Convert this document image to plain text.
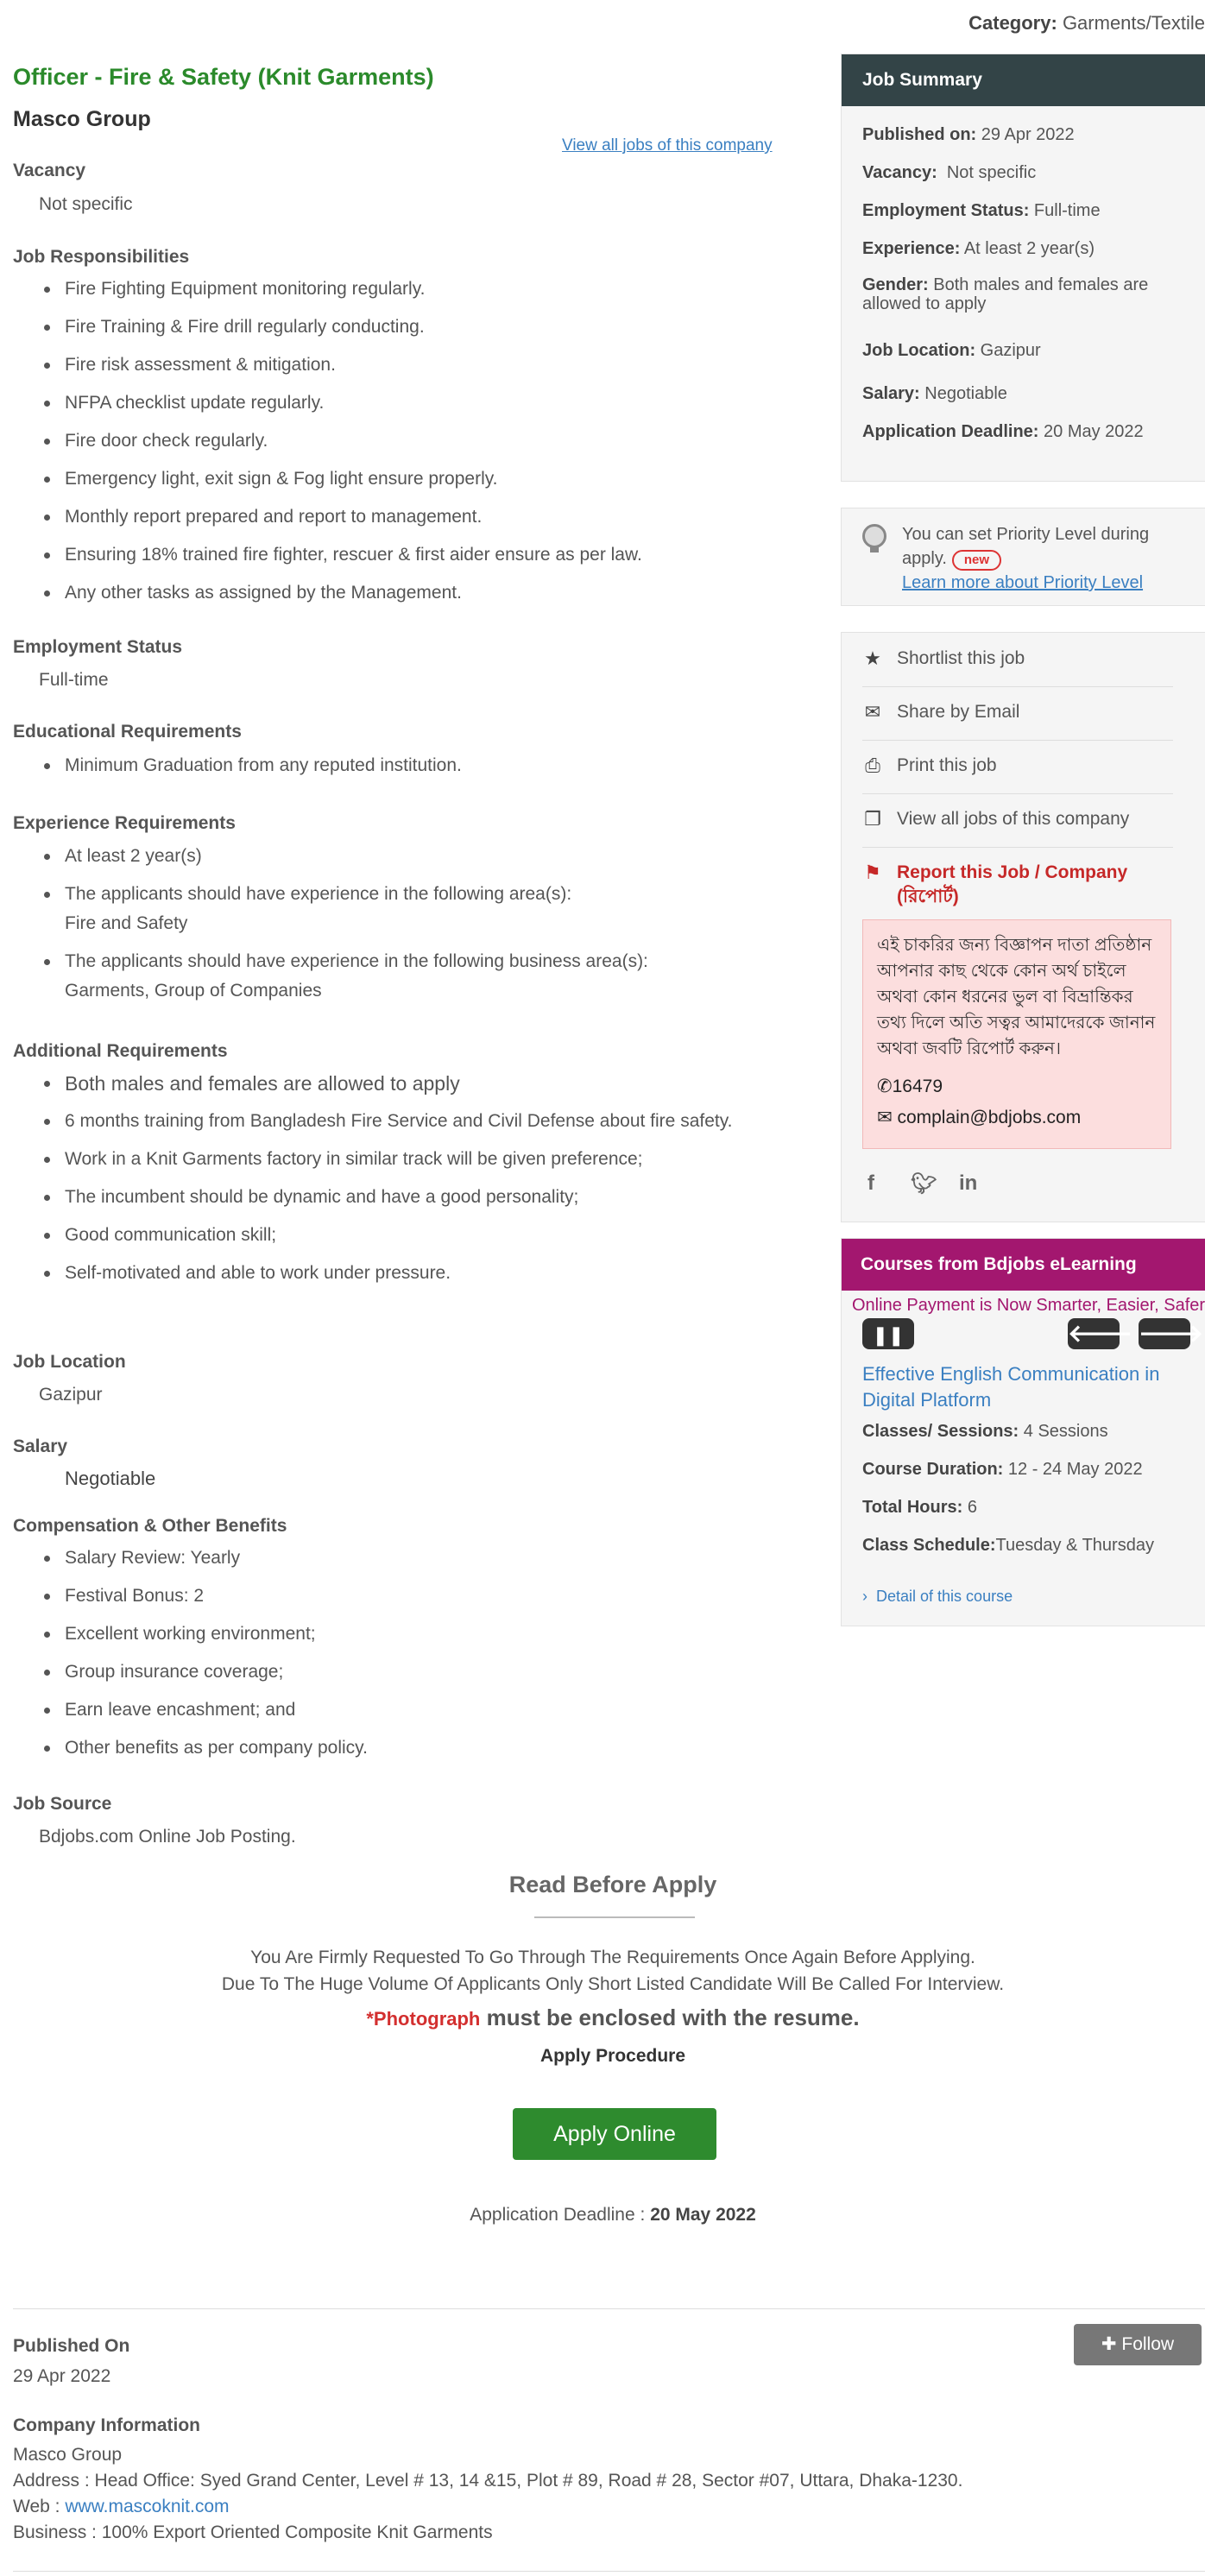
Category: Garments/Textile
Officer - Fire & Safety (Knit Garments)
Masco Group
View all jobs of this company
Vacancy
Not specific
Job Responsibilities
Fire Fighting Equipment monitoring regularly.
Fire Training & Fire drill regularly conducting.
Fire risk assessment & mitigation.
NFPA checklist update regularly.
Fire door check regularly.
Emergency light, exit sign & Fog light ensure properly.
Monthly report prepared and report to management.
Ensuring 18% trained fire fighter, rescuer & first aider ensure as per law.
Any other tasks as assigned by the Management.
Employment Status
Full-time
Educational Requirements
Minimum Graduation from any reputed institution.
Experience Requirements
At least 2 year(s)
The applicants should have experience in the following area(s):
Fire and Safety
The applicants should have experience in the following business area(s):
Garments, Group of Companies
Additional Requirements
Both males and females are allowed to apply
6 months training from Bangladesh Fire Service and Civil Defense about fire safety.
Work in a Knit Garments factory in similar track will be given preference;
The incumbent should be dynamic and have a good personality;
Good communication skill;
Self-motivated and able to work under pressure.
Job Location
Gazipur
Salary
Negotiable
Compensation & Other Benefits
Salary Review: Yearly
Festival Bonus: 2
Excellent working environment;
Group insurance coverage;
Earn leave encashment; and
Other benefits as per company policy.
Job Source
Bdjobs.com Online Job Posting.
Job Summary
Published on: 29 Apr 2022
Vacancy: Not specific
Employment Status: Full-time
Experience: At least 2 year(s)
Gender: Both males and females are allowed to apply
Job Location: Gazipur
Salary: Negotiable
Application Deadline: 20 May 2022
You can set Priority Level during apply. new
Learn more about Priority Level
★ Shortlist this job
✉ Share by Email
⎙ Print this job
❐ View all jobs of this company
⚑ Report this Job / Company (রিপোর্ট)
এই চাকরির জন্য বিজ্ঞাপন দাতা প্রতিষ্ঠান আপনার কাছ থেকে কোন অর্থ চাইলে অথবা কোন ধরনের ভুল বা বিভ্রান্তিকর তথ্য দিলে অতি সত্বর আমাদেরকে জানান অথবা জবটি রিপোর্ট করুন।
✆16479
✉ complain@bdjobs.com
f 🐦︎ in
Courses from Bdjobs eLearning
Online Payment is Now Smarter, Easier, Safer
❚❚	🡐 🡒
Effective English Communication in Digital Platform
Classes/ Sessions: 4 Sessions
Course Duration: 12 - 24 May 2022
Total Hours: 6
Class Schedule:Tuesday & Thursday
› Detail of this course
Read Before Apply
You Are Firmly Requested To Go Through The Requirements Once Again Before Applying.
Due To The Huge Volume Of Applicants Only Short Listed Candidate Will Be Called For Interview.
*Photograph must be enclosed with the resume.
Apply Procedure
Apply Online
Application Deadline : 20 May 2022
✚ Follow
Published On
29 Apr 2022
Company Information
Masco Group
Address : Head Office: Syed Grand Center, Level # 13, 14 &15, Plot # 89, Road # 28, Sector #07, Uttara, Dhaka-1230.
Web : www.mascoknit.com
Business : 100% Export Oriented Composite Knit Garments
